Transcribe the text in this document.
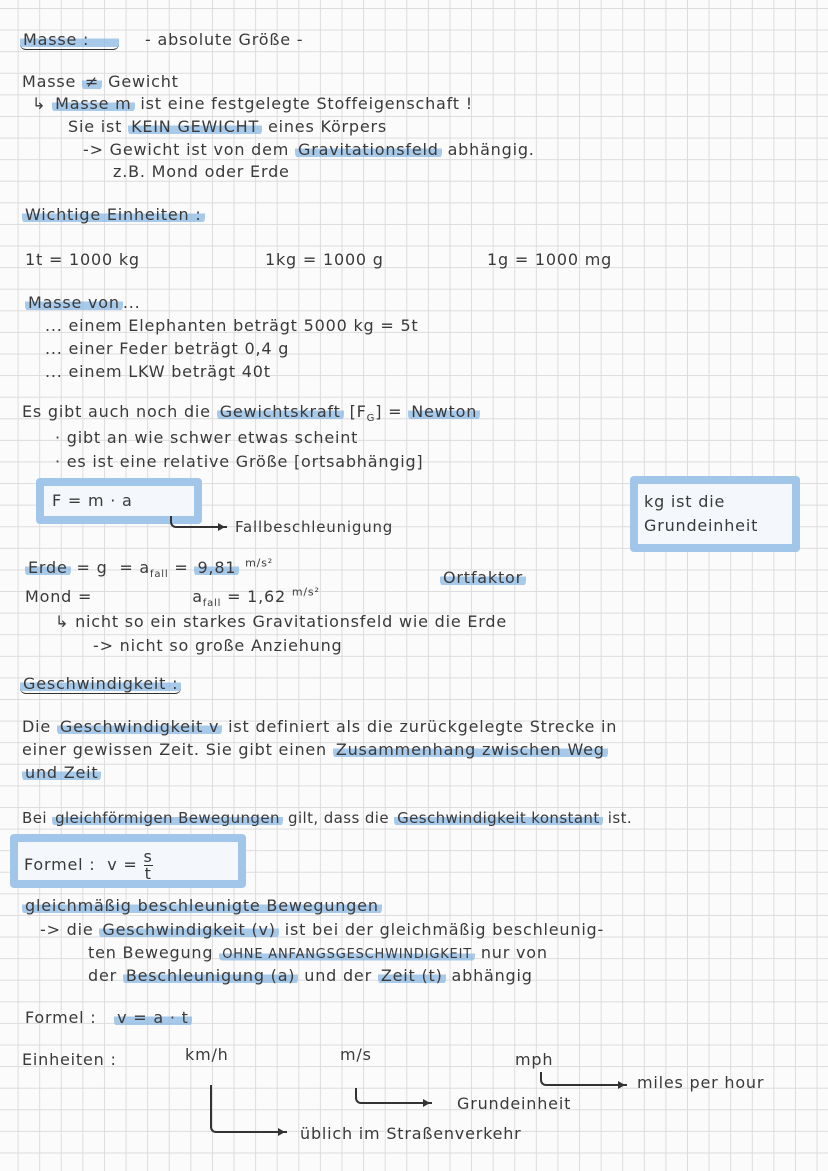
Masse :	- absolute Größe -
Masse ≠ Gewicht
↳ Masse m ist eine festgelegte Stoffeigenschaft !
Sie ist KEIN GEWICHT eines Körpers
-> Gewicht ist von dem Gravitationsfeld abhängig.
z.B. Mond oder Erde
Wichtige Einheiten :
1t = 1000 kg	1kg = 1000 g	1g = 1000 mg
Masse von ...
... einem Elephanten beträgt 5000 kg = 5t
... einer Feder beträgt 0,4 g
... einem LKW beträgt 40t
Es gibt auch noch die Gewichtskraft $[F_G]$ = Newton
· gibt an wie schwer etwas scheint
· es ist eine relative Größe [ortsabhängig]
F = m · a
Fallbeschleunigung
kg ist die
Grundeinheit
Erde = $g = a_{fall} = 9,81$ $^{m/s^2}$
Ortfaktor
Mond =	$a_{fall} = 1,62$ $^{m/s^2}$
↳ nicht so ein starkes Gravitationsfeld wie die Erde
-> nicht so große Anziehung
Geschwindigkeit :
Die Geschwindigkeit v ist definiert als die zurückgelegte Strecke in
einer gewissen Zeit. Sie gibt einen Zusammenhang zwischen Weg
und Zeit
Bei gleichförmigen Bewegungen gilt, dass die Geschwindigkeit konstant ist.
Formel : $v = \frac{s}{t}$
gleichmäßig beschleunigte Bewegungen
-> die Geschwindigkeit (v) ist bei der gleichmäßig beschleunig-
ten Bewegung OHNE ANFANGSGESCHWINDIGKEIT nur von
der Beschleunigung (a) und der Zeit (t) abhängig
Formel : v = a · t
Einheiten :	km/h	m/s	mph
miles per hour
Grundeinheit
üblich im Straßenverkehr
